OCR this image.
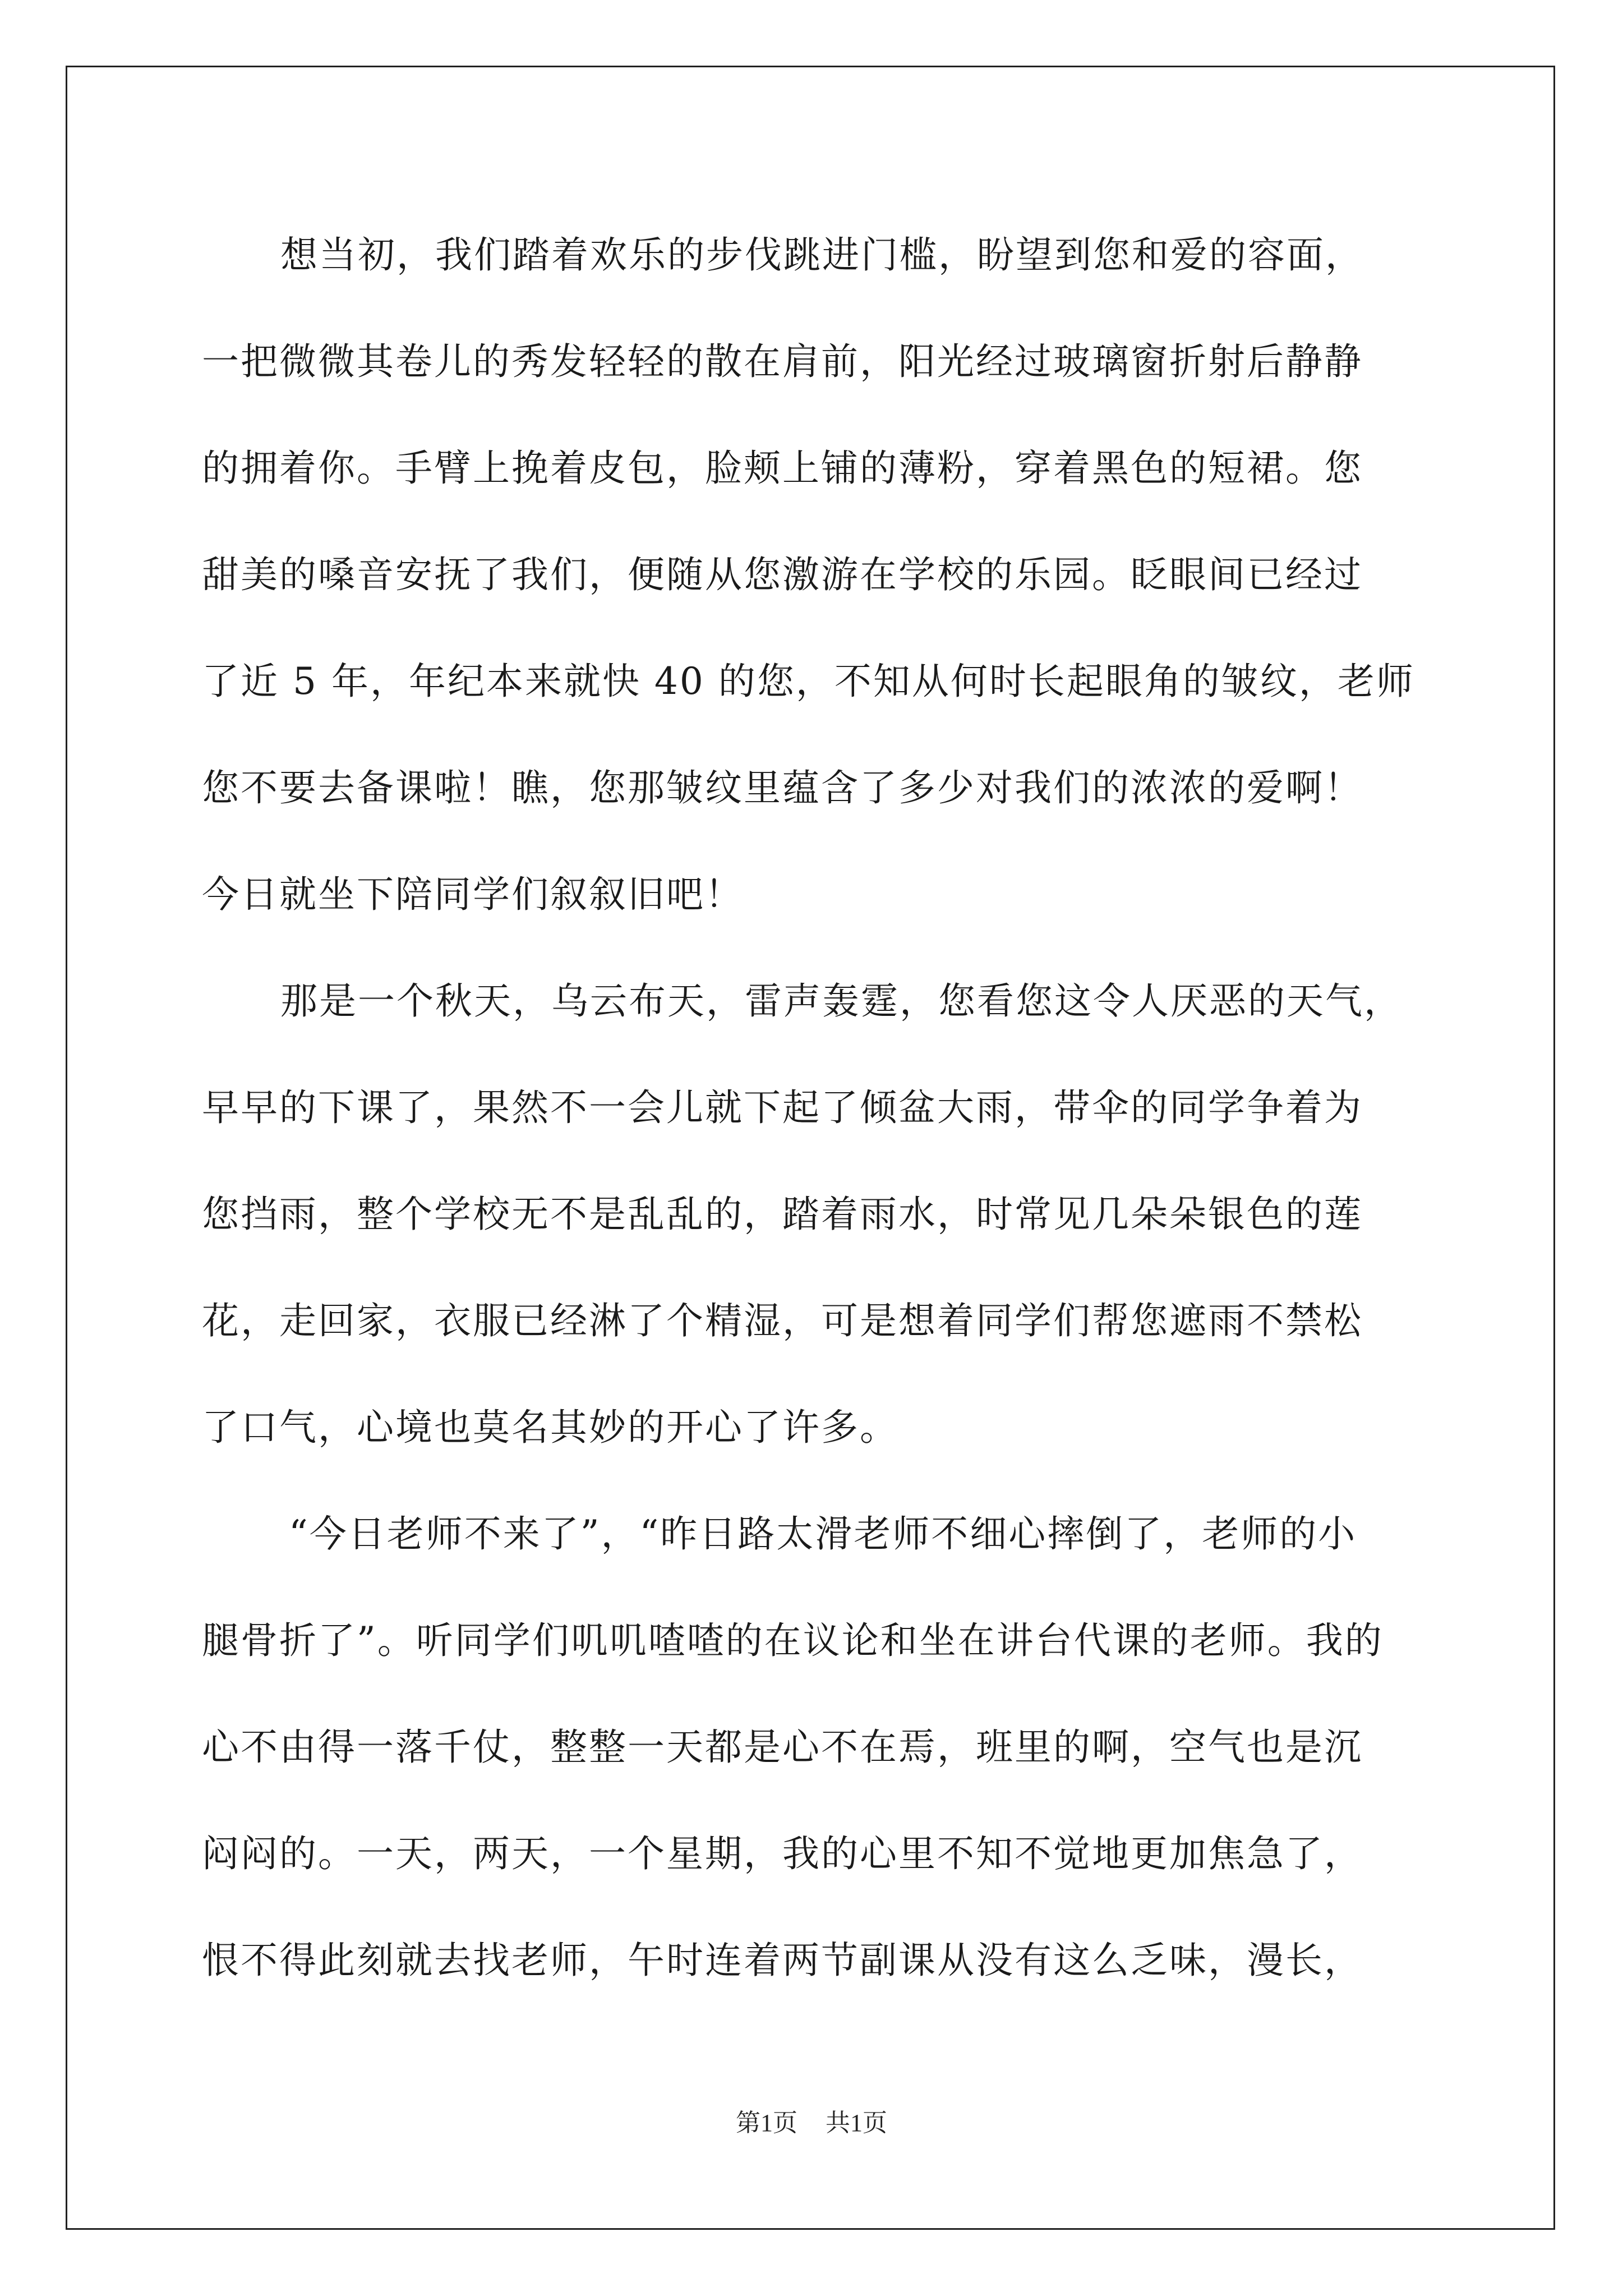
想当初，我们踏着欢乐的步伐跳进门槛，盼望到您和爱的容面，
一把微微其卷儿的秀发轻轻的散在肩前，阳光经过玻璃窗折射后静静
的拥着你。手臂上挽着皮包，脸颊上铺的薄粉，穿着黑色的短裙。您
甜美的嗓音安抚了我们，便随从您激游在学校的乐园。眨眼间已经过
了近 5 年，年纪本来就快 40 的您，不知从何时长起眼角的皱纹，老师
您不要去备课啦！瞧，您那皱纹里蕴含了多少对我们的浓浓的爱啊！
今日就坐下陪同学们叙叙旧吧！
那是一个秋天，乌云布天，雷声轰霆，您看您这令人厌恶的天气，
早早的下课了，果然不一会儿就下起了倾盆大雨，带伞的同学争着为
您挡雨，整个学校无不是乱乱的，踏着雨水，时常见几朵朵银色的莲
花，走回家，衣服已经淋了个精湿，可是想着同学们帮您遮雨不禁松
了口气，心境也莫名其妙的开心了许多。
“今日老师不来了”，“昨日路太滑老师不细心摔倒了，老师的小
腿骨折了”。听同学们叽叽喳喳的在议论和坐在讲台代课的老师。我的
心不由得一落千仗，整整一天都是心不在焉，班里的啊，空气也是沉
闷闷的。一天，两天，一个星期，我的心里不知不觉地更加焦急了，
恨不得此刻就去找老师，午时连着两节副课从没有这么乏味，漫长，
第1页 共1页
